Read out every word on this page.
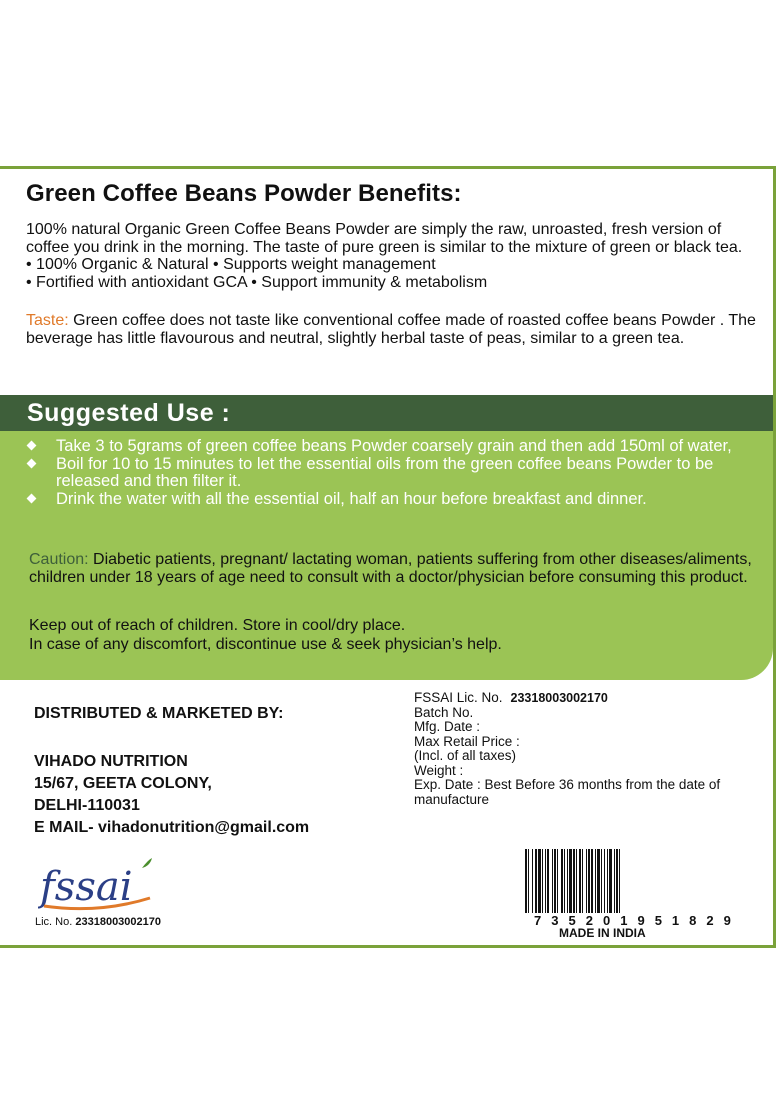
Green Coffee Beans Powder Benefits:

100% natural Organic Green Coffee Beans Powder are simply the raw, unroasted, fresh version of coffee you drink in the morning. The taste of pure green is similar to the mixture of green or black tea.

• 100% Organic & Natural • Supports weight management
• Fortified with antioxidant GCA • Support immunity & metabolism

Taste: Green coffee does not taste like conventional coffee made of roasted coffee beans Powder . The beverage has little flavourous and neutral, slightly herbal taste of peas, similar to a green tea.

Suggested Use :
Take 3 to 5grams of green coffee beans Powder coarsely grain and then add 150ml of water,
Boil for 10 to 15 minutes to let the essential oils from the green coffee beans Powder to be released and then filter it.
Drink the water with all the essential oil, half an hour before breakfast and dinner.

Caution: Diabetic patients, pregnant/ lactating woman, patients suffering from other diseases/aliments, children under 18 years of age need to consult with a doctor/physician before consuming this product.

Keep out of reach of children. Store in cool/dry place.
In case of any discomfort, discontinue use & seek physician’s help.

DISTRIBUTED & MARKETED BY:
VIHADO NUTRITION
15/67, GEETA COLONY,
DELHI-110031
E MAIL- vihadonutrition@gmail.com
FSSAI Lic. No. 23318003002170
Batch No.
Mfg. Date :
Max Retail Price :
(Incl. of all taxes)
Weight :
Exp. Date : Best Before 36 months from the date of manufacture
fssai
Lic. No. 23318003002170	7 3 5 2 0 1 9 5 1 8 2 9
MADE IN INDIA
